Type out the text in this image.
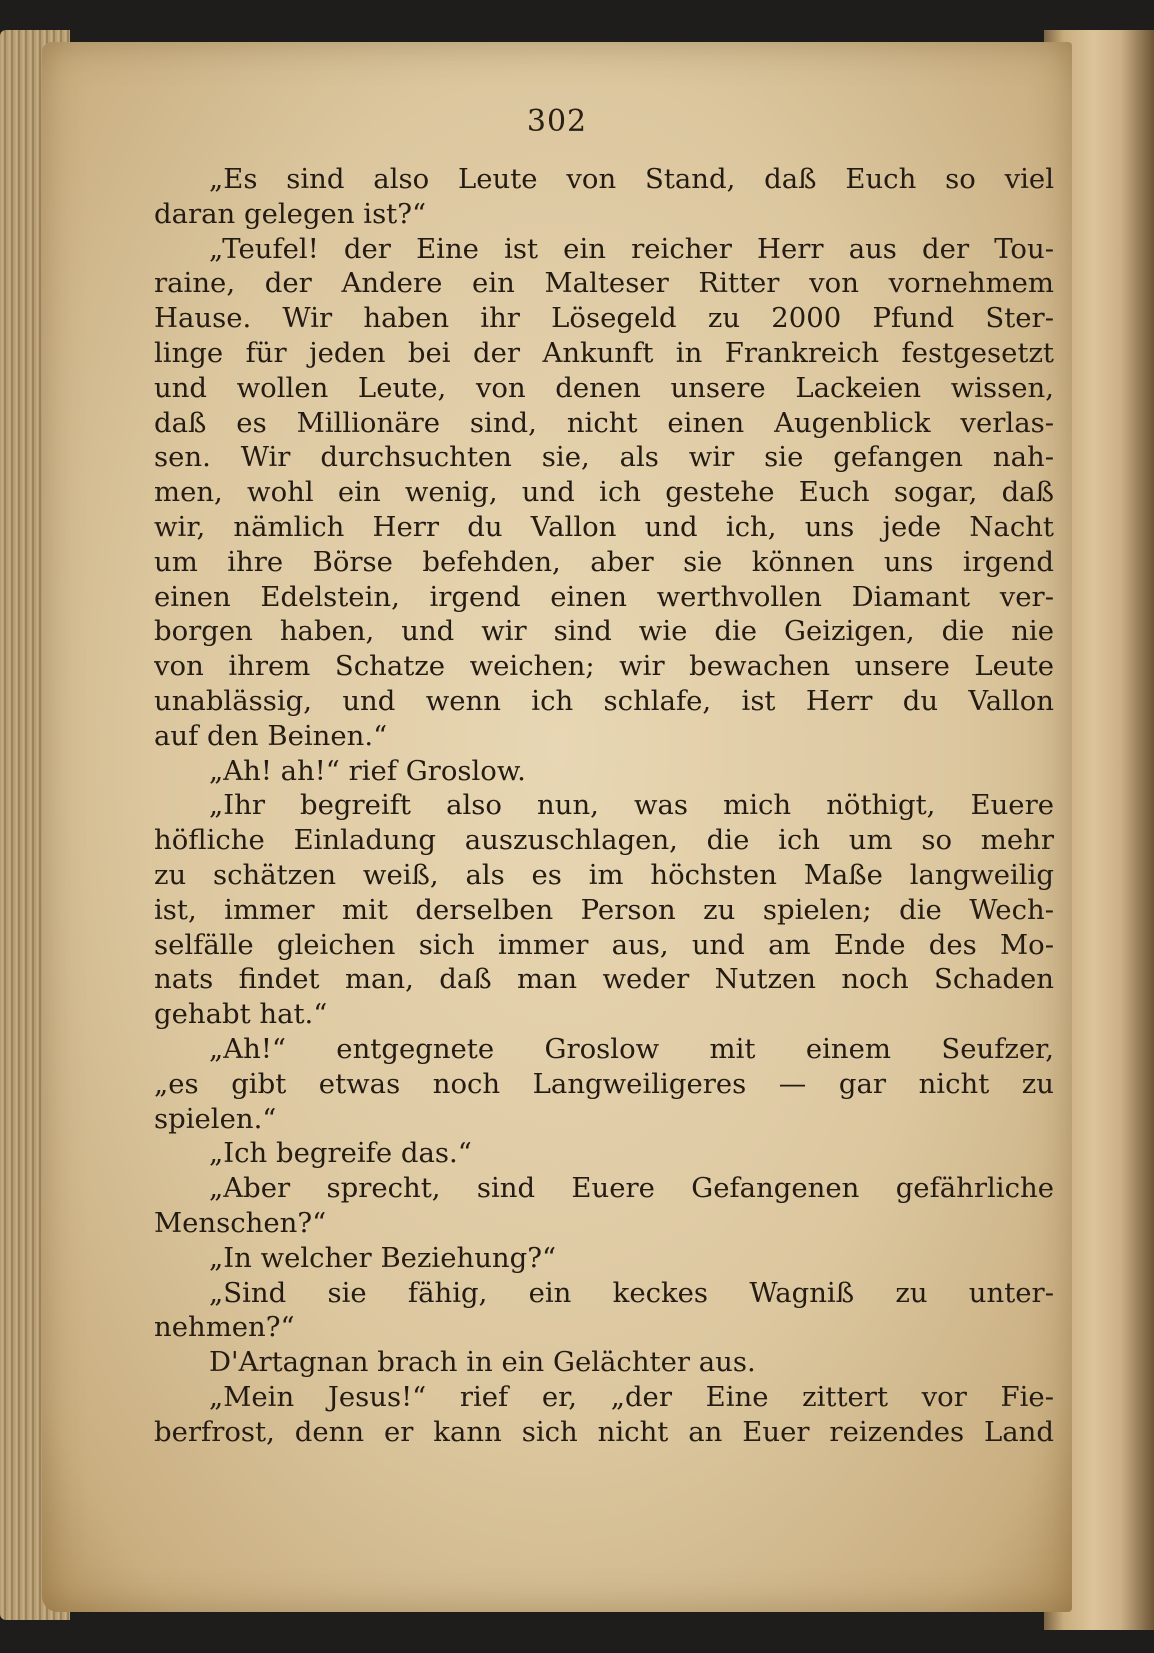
302
„Es sind also Leute von Stand, daß Euch so viel
daran gelegen ist?“
„Teufel! der Eine ist ein reicher Herr aus der Tou-
raine, der Andere ein Malteser Ritter von vornehmem
Hause. Wir haben ihr Lösegeld zu 2000 Pfund Ster-
linge für jeden bei der Ankunft in Frankreich festgesetzt
und wollen Leute, von denen unsere Lackeien wissen,
daß es Millionäre sind, nicht einen Augenblick verlas-
sen. Wir durchsuchten sie, als wir sie gefangen nah-
men, wohl ein wenig, und ich gestehe Euch sogar, daß
wir, nämlich Herr du Vallon und ich, uns jede Nacht
um ihre Börse befehden, aber sie können uns irgend
einen Edelstein, irgend einen werthvollen Diamant ver-
borgen haben, und wir sind wie die Geizigen, die nie
von ihrem Schatze weichen; wir bewachen unsere Leute
unablässig, und wenn ich schlafe, ist Herr du Vallon
auf den Beinen.“
„Ah! ah!“ rief Groslow.
„Ihr begreift also nun, was mich nöthigt, Euere
höfliche Einladung auszuschlagen, die ich um so mehr
zu schätzen weiß, als es im höchsten Maße langweilig
ist, immer mit derselben Person zu spielen; die Wech-
selfälle gleichen sich immer aus, und am Ende des Mo-
nats findet man, daß man weder Nutzen noch Schaden
gehabt hat.“
„Ah!“ entgegnete Groslow mit einem Seufzer,
„es gibt etwas noch Langweiligeres — gar nicht zu
spielen.“
„Ich begreife das.“
„Aber sprecht, sind Euere Gefangenen gefährliche
Menschen?“
„In welcher Beziehung?“
„Sind sie fähig, ein keckes Wagniß zu unter-
nehmen?“
D'Artagnan brach in ein Gelächter aus.
„Mein Jesus!“ rief er, „der Eine zittert vor Fie-
berfrost, denn er kann sich nicht an Euer reizendes Land
